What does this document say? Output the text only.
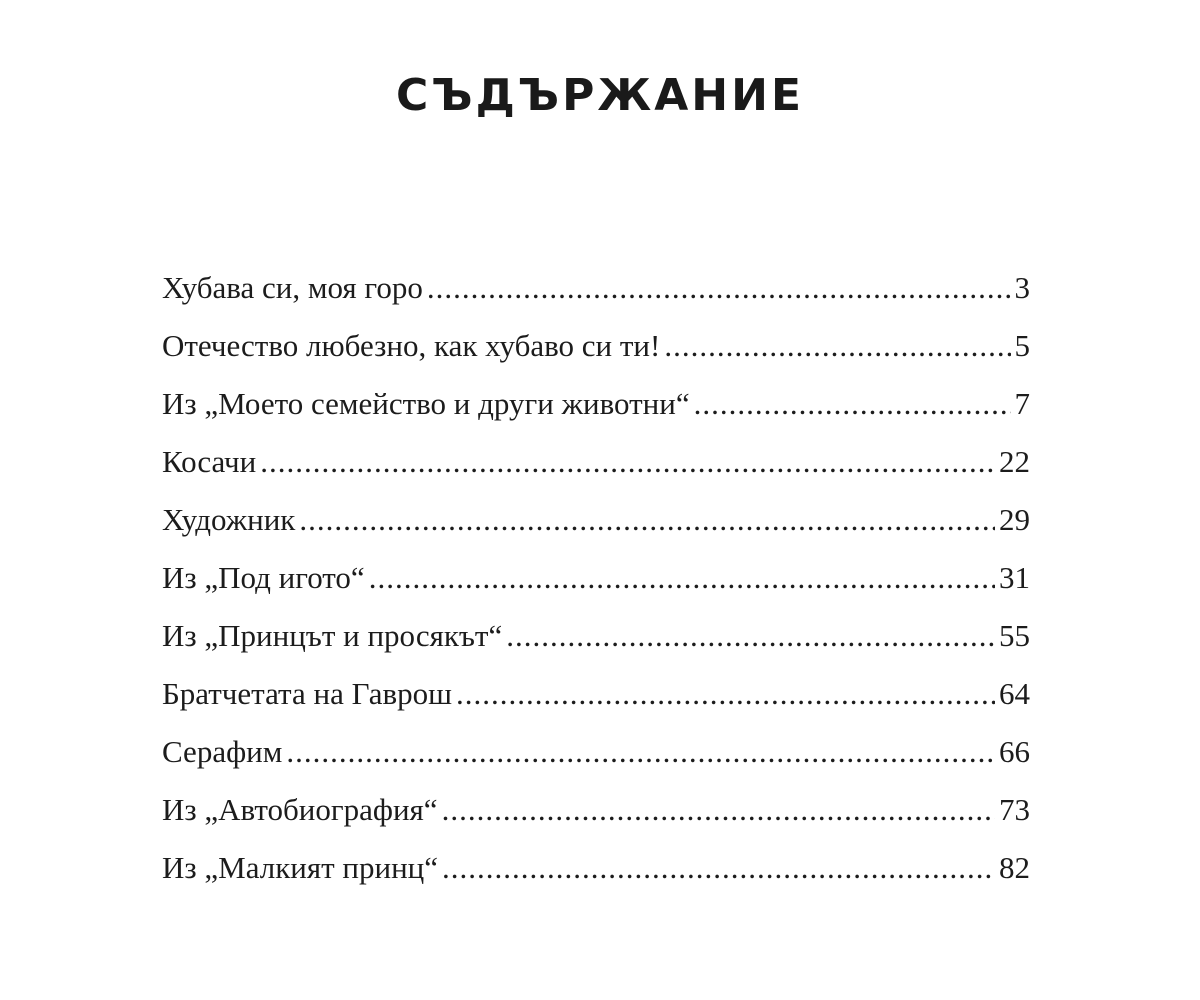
СЪДЪРЖАНИЕ
Хубава си, моя горо .....	3
Отечество любезно, как хубаво си ти! .....	5
Из „Моето семейство и други животни“ .....	7
Косачи .....	22
Художник .....	29
Из „Под игото“ .....	31
Из „Принцът и просякът“ .....	55
Братчетата на Гаврош .....	64
Серафим .....	66
Из „Автобиография“ .....	73
Из „Малкият принц“ .....	82
